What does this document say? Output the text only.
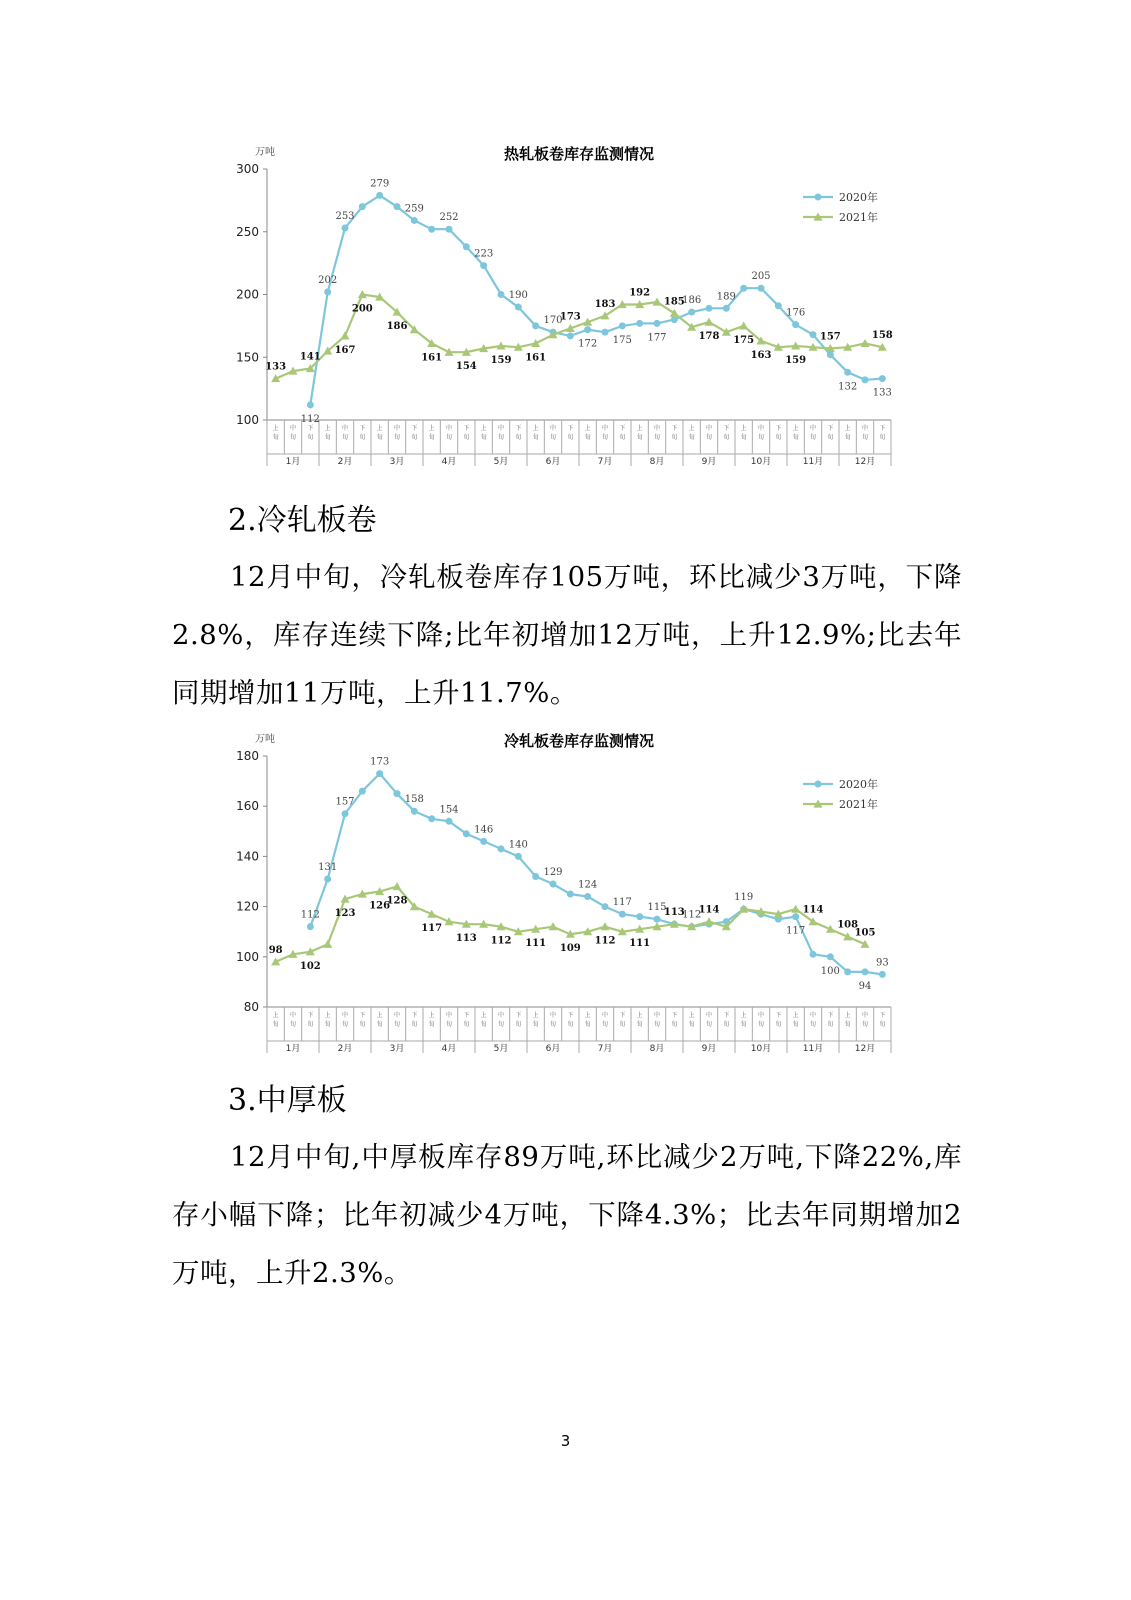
热轧板卷库存监测情况
万吨
100
150
200
250
300
上
旬
中
旬
下
旬
上
旬
中
旬
下
旬
上
旬
中
旬
下
旬
上
旬
中
旬
下
旬
上
旬
中
旬
下
旬
上
旬
中
旬
下
旬
上
旬
中
旬
下
旬
上
旬
中
旬
下
旬
上
旬
中
旬
下
旬
上
旬
中
旬
下
旬
上
旬
中
旬
下
旬
上
旬
中
旬
下
旬
1月	2月	3月	4月	5月	6月	7月	8月	9月	10月	11月	12月
112
202
253
279
259
252
223
190
170
172 175 177
186 189
205
176
132
133
133
141
167
200
186
161
154
159 161
173
183
192
185
178 175
163 159
157	158
2020年
2021年
2.冷轧板卷

12月中旬，冷轧板卷库存105万吨，环比减少3万吨，下降2.8%，库存连续下降;比年初增加12万吨，上升12.9%;比去年同期增加11万吨，上升11.7%。

冷轧板卷库存监测情况
万吨
80
100
120
140
160
180
上
旬
中
旬
下
旬
上
旬
中
旬
下
旬
上
旬
中
旬
下
旬
上
旬
中
旬
下
旬
上
旬
中
旬
下
旬
上
旬
中
旬
下
旬
上
旬
中
旬
下
旬
上
旬
中
旬
下
旬
上
旬
中
旬
下
旬
上
旬
中
旬
下
旬
上
旬
中
旬
下
旬
上
旬
中
旬
下
旬
1月	2月	3月	4月	5月	6月	7月	8月	9月	10月	11月	12月
112
131
157
173
158
154
146
140
129
124
117 115
112
119
117
100
94
93
98
102
123
126
128
117
113 112 111 109
112 111
113 114	114
108
105
2020年
2021年
3.中厚板

12月中旬,中厚板库存89万吨,环比减少2万吨,下降22%,库存小幅下降；比年初减少4万吨，下降4.3%；比去年同期增加2万吨，上升2.3%。

3
